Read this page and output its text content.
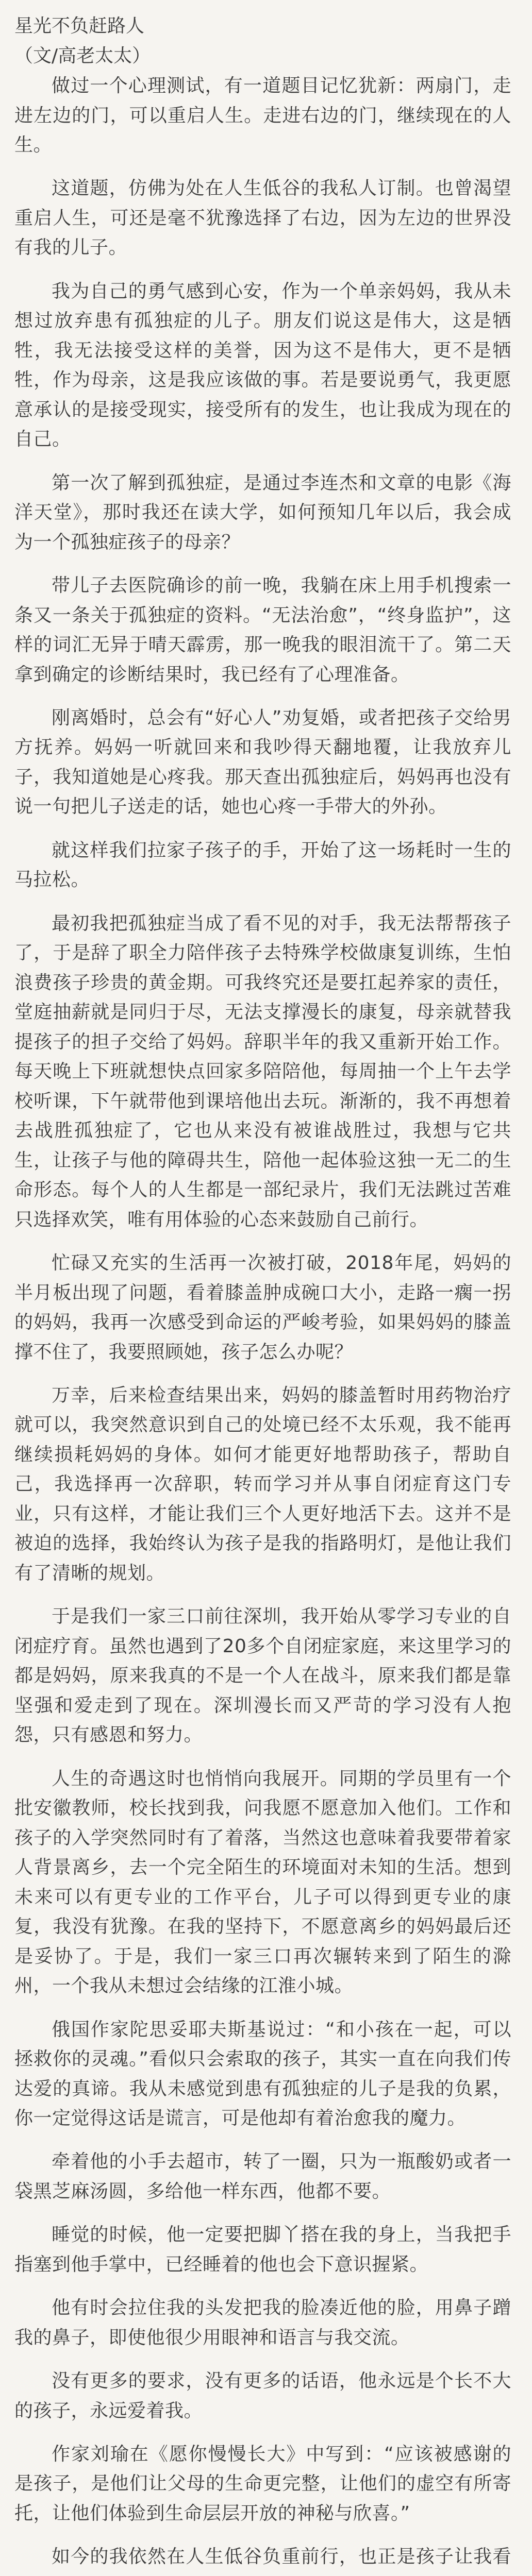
星光不负赶路人
（文/高老太太）

做过一个心理测试，有一道题目记忆犹新：两扇门，走进左边的门，可以重启人生。走进右边的门，继续现在的人生。

这道题，仿佛为处在人生低谷的我私人订制。也曾渴望重启人生，可还是毫不犹豫选择了右边，因为左边的世界没有我的儿子。

我为自己的勇气感到心安，作为一个单亲妈妈，我从未想过放弃患有孤独症的儿子。朋友们说这是伟大，这是牺牲，我无法接受这样的美誉，因为这不是伟大，更不是牺牲，作为母亲，这是我应该做的事。若是要说勇气，我更愿意承认的是接受现实，接受所有的发生，也让我成为现在的自己。

第一次了解到孤独症，是通过李连杰和文章的电影《海洋天堂》，那时我还在读大学，如何预知几年以后，我会成为一个孤独症孩子的母亲？

带儿子去医院确诊的前一晚，我躺在床上用手机搜索一条又一条关于孤独症的资料。“无法治愈”，“终身监护”，这样的词汇无异于晴天霹雳，那一晚我的眼泪流干了。第二天拿到确定的诊断结果时，我已经有了心理准备。

刚离婚时，总会有“好心人”劝复婚，或者把孩子交给男方抚养。妈妈一听就回来和我吵得天翻地覆，让我放弃儿子，我知道她是心疼我。那天查出孤独症后，妈妈再也没有说一句把儿子送走的话，她也心疼一手带大的外孙。

就这样我们拉家子孩子的手，开始了这一场耗时一生的马拉松。

最初我把孤独症当成了看不见的对手，我无法帮帮孩子了，于是辞了职全力陪伴孩子去特殊学校做康复训练，生怕浪费孩子珍贵的黄金期。可我终究还是要扛起养家的责任，堂庭抽薪就是同归于尽，无法支撑漫长的康复，母亲就替我提孩子的担子交给了妈妈。辞职半年的我又重新开始工作。每天晚上下班就想快点回家多陪陪他，每周抽一个上午去学校听课，下午就带他到课培他出去玩。渐渐的，我不再想着去战胜孤独症了，它也从来没有被谁战胜过，我想与它共生，让孩子与他的障碍共生，陪他一起体验这独一无二的生命形态。每个人的人生都是一部纪录片，我们无法跳过苦难只选择欢笑，唯有用体验的心态来鼓励自己前行。

忙碌又充实的生活再一次被打破，2018年尾，妈妈的半月板出现了问题，看着膝盖肿成碗口大小，走路一瘸一拐的妈妈，我再一次感受到命运的严峻考验，如果妈妈的膝盖撑不住了，我要照顾她，孩子怎么办呢？

万幸，后来检查结果出来，妈妈的膝盖暂时用药物治疗就可以，我突然意识到自己的处境已经不太乐观，我不能再继续损耗妈妈的身体。如何才能更好地帮助孩子，帮助自己，我选择再一次辞职，转而学习并从事自闭症育这门专业，只有这样，才能让我们三个人更好地活下去。这并不是被迫的选择，我始终认为孩子是我的指路明灯，是他让我们有了清晰的规划。

于是我们一家三口前往深圳，我开始从零学习专业的自闭症疗育。虽然也遇到了20多个自闭症家庭，来这里学习的都是妈妈，原来我真的不是一个人在战斗，原来我们都是靠坚强和爱走到了现在。深圳漫长而又严苛的学习没有人抱怨，只有感恩和努力。

人生的奇遇这时也悄悄向我展开。同期的学员里有一个批安徽教师，校长找到我，问我愿不愿意加入他们。工作和孩子的入学突然同时有了着落，当然这也意味着我要带着家人背景离乡，去一个完全陌生的环境面对未知的生活。想到未来可以有更专业的工作平台，儿子可以得到更专业的康复，我没有犹豫。在我的坚持下，不愿意离乡的妈妈最后还是妥协了。于是，我们一家三口再次辗转来到了陌生的滁州，一个我从未想过会结缘的江淮小城。

俄国作家陀思妥耶夫斯基说过：“和小孩在一起，可以拯救你的灵魂。”看似只会索取的孩子，其实一直在向我们传达爱的真谛。我从未感觉到患有孤独症的儿子是我的负累，你一定觉得这话是谎言，可是他却有着治愈我的魔力。

牵着他的小手去超市，转了一圈，只为一瓶酸奶或者一袋黑芝麻汤圆，多给他一样东西，他都不要。

睡觉的时候，他一定要把脚丫搭在我的身上，当我把手指塞到他手掌中，已经睡着的他也会下意识握紧。

他有时会拉住我的头发把我的脸凑近他的脸，用鼻子蹭我的鼻子，即使他很少用眼神和语言与我交流。

没有更多的要求，没有更多的话语，他永远是个长不大的孩子，永远爱着我。

作家刘瑜在《愿你慢慢长大》中写到：“应该被感谢的是孩子，是他们让父母的生命更完整，让他们的虚空有所寄托，让他们体验到生命层层开放的神秘与欣喜。”

如今的我依然在人生低谷负重前行，也正是孩子让我看
